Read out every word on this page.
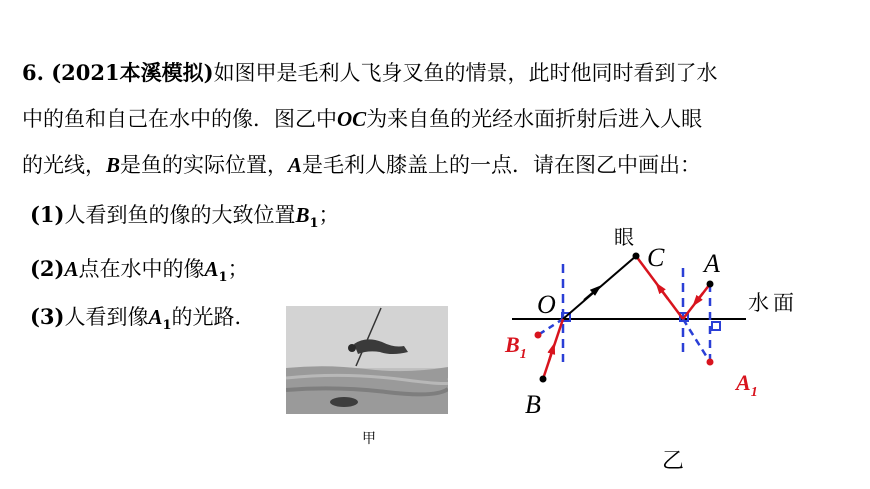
6. (2021本溪模拟)如图甲是毛利人飞身叉鱼的情景，此时他同时看到了水
中的鱼和自己在水中的像．图乙中OC为来自鱼的光经水面折射后进入人眼
的光线，B是鱼的实际位置，A是毛利人膝盖上的一点．请在图乙中画出：
(1)人看到鱼的像的大致位置$B_1$；
(2)A点在水中的像$A_1$；
(3)人看到像$A_1$的光路．
甲
眼
C A
O	水面
$B_1$
B
$A_1$
乙
